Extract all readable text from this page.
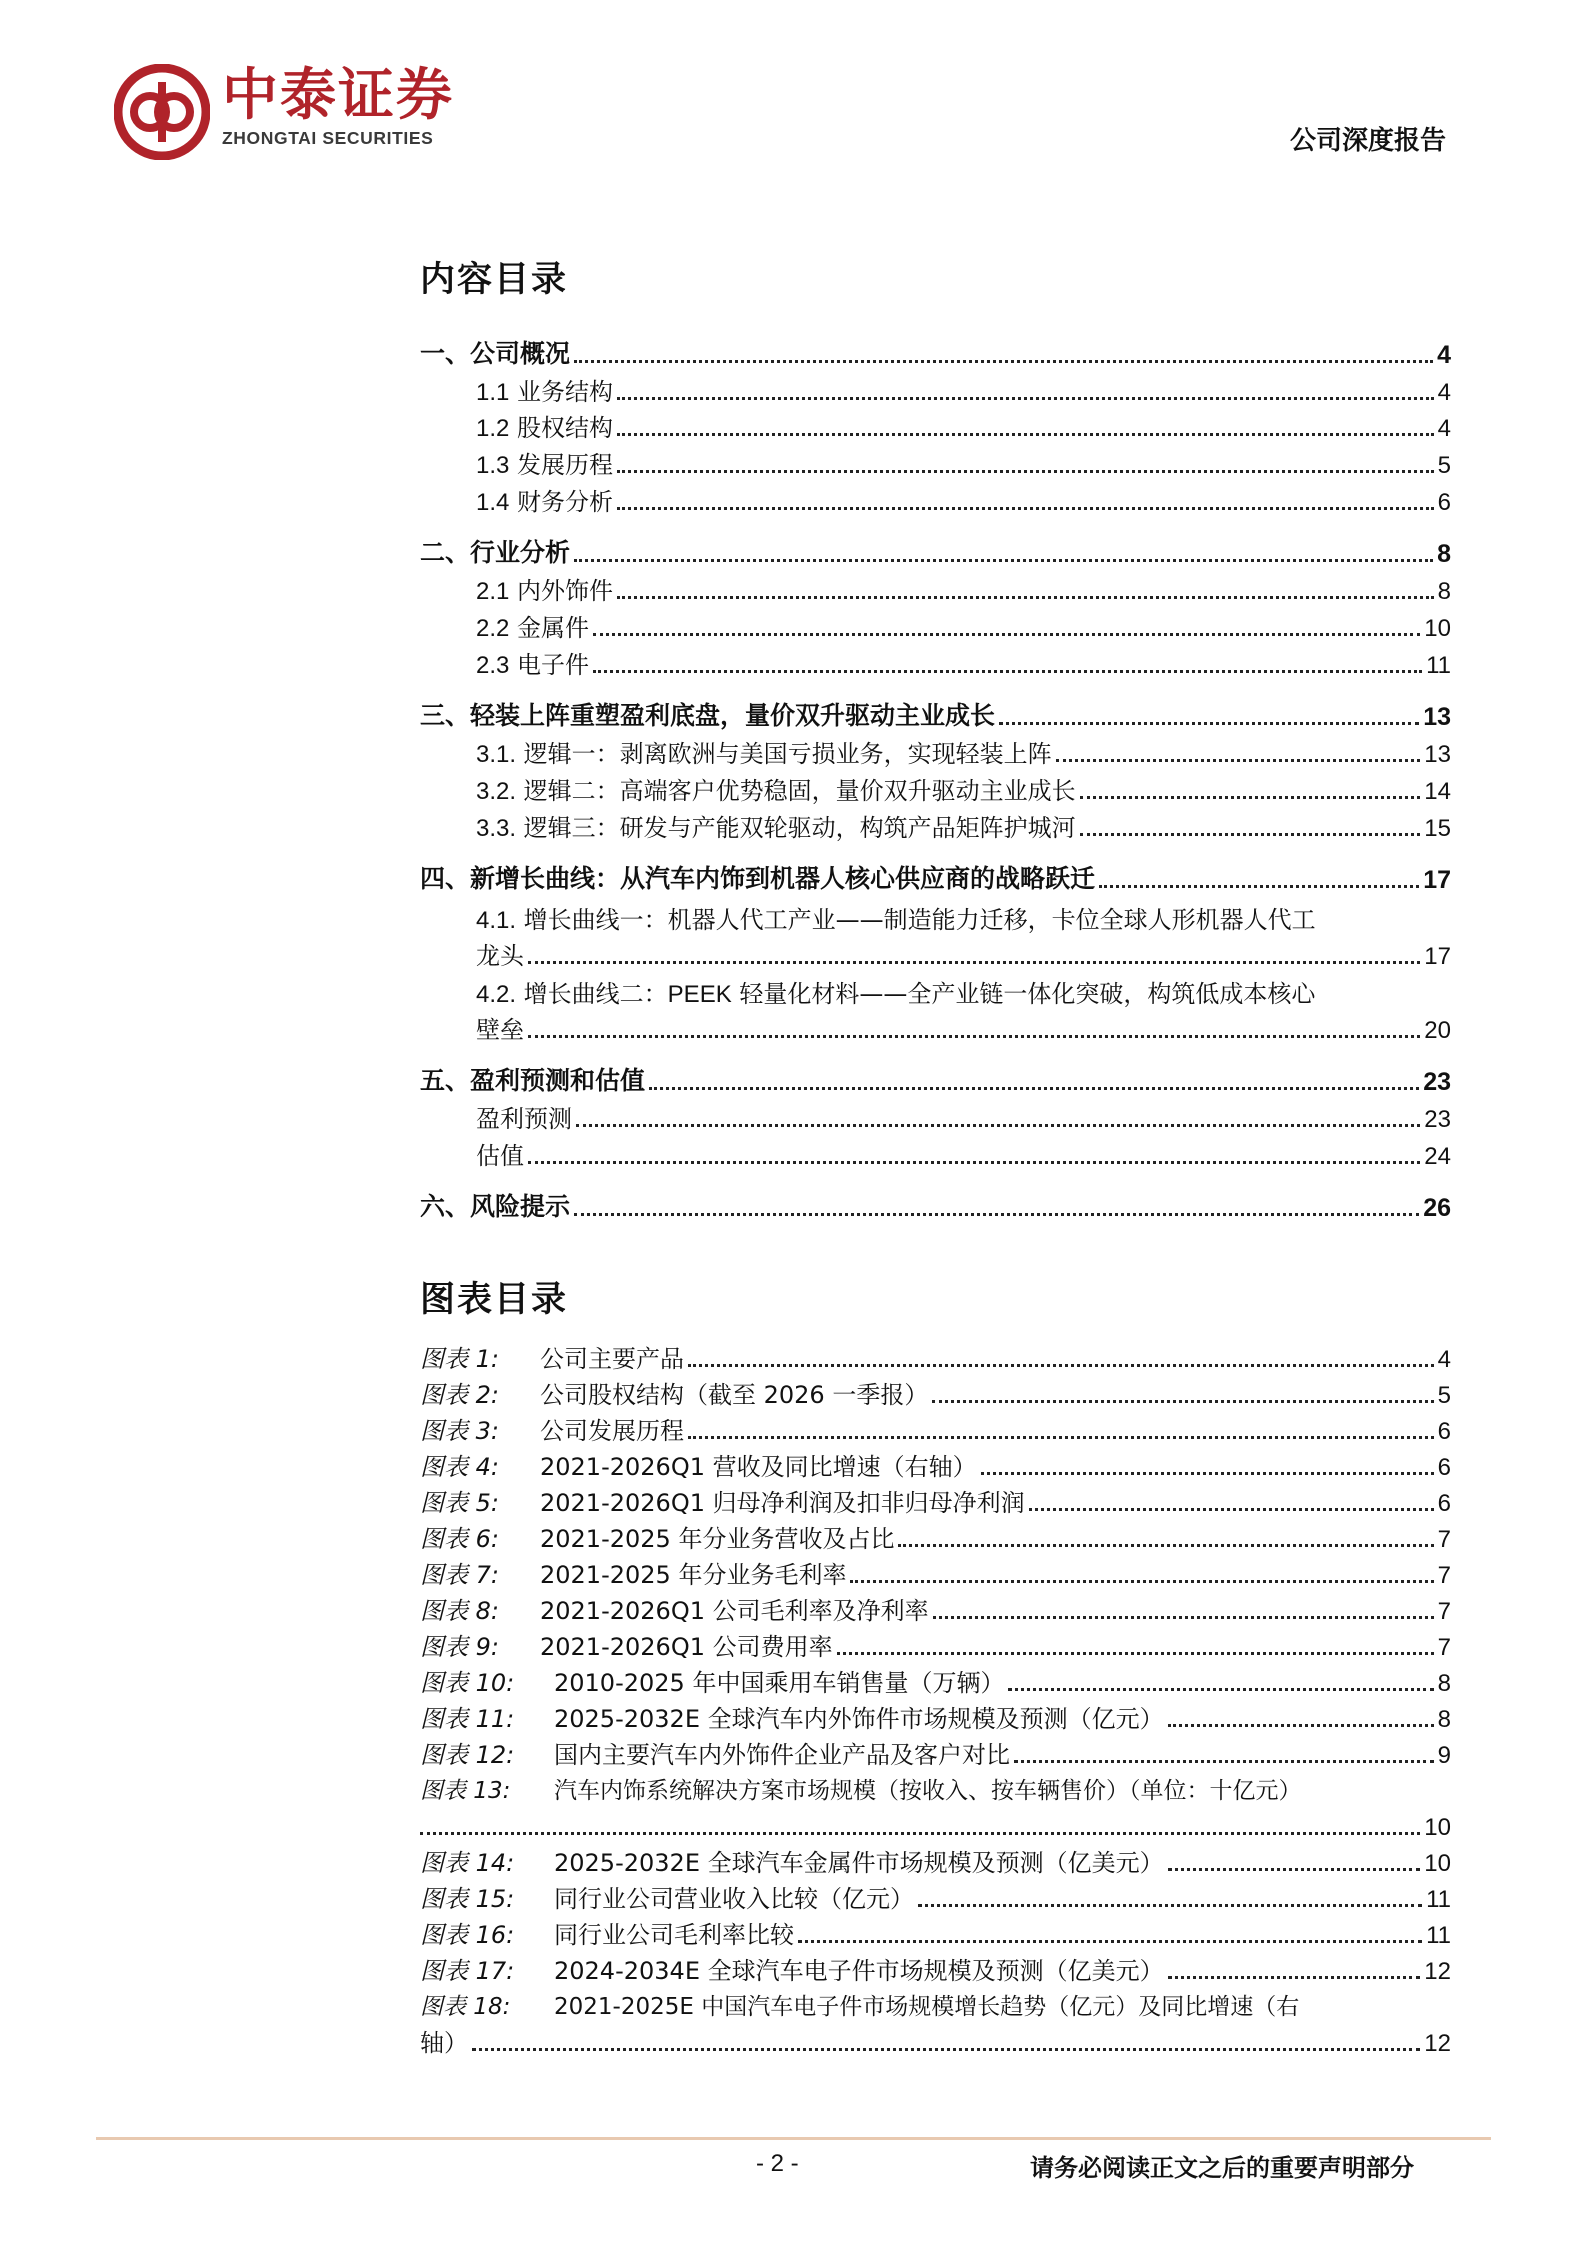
中泰证券
ZHONGTAI SECURITIES	公司深度报告
内容目录
一、公司概况	4
1.1 业务结构	4
1.2 股权结构	4
1.3 发展历程	5
1.4 财务分析	6
二、行业分析	8
2.1 内外饰件	8
2.2 金属件	10
2.3 电子件	11
三、轻装上阵重塑盈利底盘，量价双升驱动主业成长	13
3.1. 逻辑一：剥离欧洲与美国亏损业务，实现轻装上阵	13
3.2. 逻辑二：高端客户优势稳固，量价双升驱动主业成长	14
3.3. 逻辑三：研发与产能双轮驱动，构筑产品矩阵护城河	15
四、新增长曲线：从汽车内饰到机器人核心供应商的战略跃迁	17
4.1. 增长曲线一：机器人代工产业——制造能力迁移，卡位全球人形机器人代工
龙头	17
4.2. 增长曲线二：PEEK 轻量化材料——全产业链一体化突破，构筑低成本核心
壁垒	20
五、盈利预测和估值	23
盈利预测	23
估值	24
六、风险提示	26
图表目录
图表 1: 公司主要产品	4
图表 2: 公司股权结构（截至 2026 一季报）	5
图表 3: 公司发展历程	6
图表 4: 2021-2026Q1 营收及同比增速（右轴）	6
图表 5: 2021-2026Q1 归母净利润及扣非归母净利润	6
图表 6: 2021-2025 年分业务营收及占比	7
图表 7: 2021-2025 年分业务毛利率	7
图表 8: 2021-2026Q1 公司毛利率及净利率	7
图表 9: 2021-2026Q1 公司费用率	7
图表 10: 2010-2025 年中国乘用车销售量（万辆）	8
图表 11: 2025-2032E 全球汽车内外饰件市场规模及预测（亿元）	8
图表 12: 国内主要汽车内外饰件企业产品及客户对比	9
图表 13: 汽车内饰系统解决方案市场规模（按收入、按车辆售价）（单位：十亿元）
10
图表 14: 2025-2032E 全球汽车金属件市场规模及预测（亿美元）	10
图表 15: 同行业公司营业收入比较（亿元）	11
图表 16: 同行业公司毛利率比较	11
图表 17: 2024-2034E 全球汽车电子件市场规模及预测（亿美元）	12
图表 18: 2021-2025E 中国汽车电子件市场规模增长趋势（亿元）及同比增速（右
轴）	12
- 2 -	请务必阅读正文之后的重要声明部分
